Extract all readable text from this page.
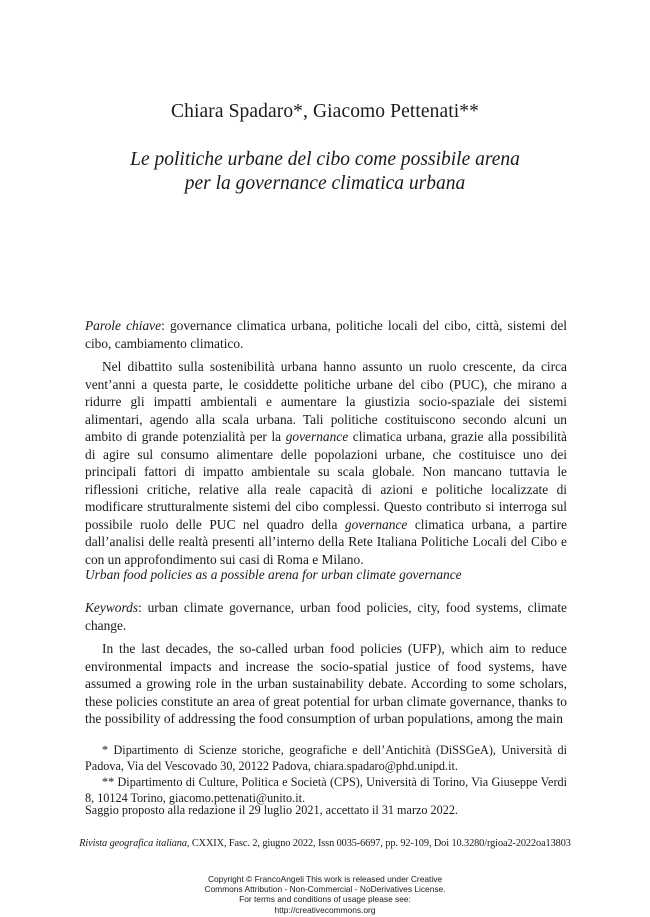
Chiara Spadaro*, Giacomo Pettenati**
Le politiche urbane del cibo come possibile arena
per la governance climatica urbana

Parole chiave: governance climatica urbana, politiche locali del cibo, città, sistemi del cibo, cambiamento climatico.

Nel dibattito sulla sostenibilità urbana hanno assunto un ruolo crescente, da circa vent’anni a questa parte, le cosiddette politiche urbane del cibo (PUC), che mirano a ridurre gli impatti ambientali e aumentare la giustizia socio-spaziale dei sistemi alimentari, agendo alla scala urbana. Tali politiche costituiscono secondo alcuni un ambito di grande potenzialità per la governance climatica urbana, grazie alla possibilità di agire sul consumo alimentare delle popolazioni urbane, che costituisce uno dei principali fattori di impatto ambientale su scala globale. Non mancano tuttavia le riflessioni critiche, relative alla reale capacità di azioni e politiche localizzate di modificare strutturalmente sistemi del cibo complessi. Questo contributo si interroga sul possibile ruolo delle PUC nel quadro della governance climatica urbana, a partire dall’analisi delle realtà presenti all’interno della Rete Italiana Politiche Locali del Cibo e con un approfondimento sui casi di Roma e Milano.

Urban food policies as a possible arena for urban climate governance

Keywords: urban climate governance, urban food policies, city, food systems, climate change.

In the last decades, the so-called urban food policies (UFP), which aim to reduce environmental impacts and increase the socio-spatial justice of food systems, have assumed a growing role in the urban sustainability debate. According to some scholars, these policies constitute an area of great potential for urban climate governance, thanks to the possibility of addressing the food consumption of urban populations, among the main

* Dipartimento di Scienze storiche, geografiche e dell’Antichità (DiSSGeA), Università di Padova, Via del Vescovado 30, 20122 Padova, chiara.spadaro@phd.unipd.it.

** Dipartimento di Culture, Politica e Società (CPS), Università di Torino, Via Giuseppe Verdi 8, 10124 Torino, giacomo.pettenati@unito.it.

Saggio proposto alla redazione il 29 luglio 2021, accettato il 31 marzo 2022.
Rivista geografica italiana, CXXIX, Fasc. 2, giugno 2022, Issn 0035-6697, pp. 92-109, Doi 10.3280/rgioa2-2022oa13803
Copyright © FrancoAngeli This work is released under Creative
Commons Attribution - Non-Commercial - NoDerivatives License.
For terms and conditions of usage please see:
http://creativecommons.org
